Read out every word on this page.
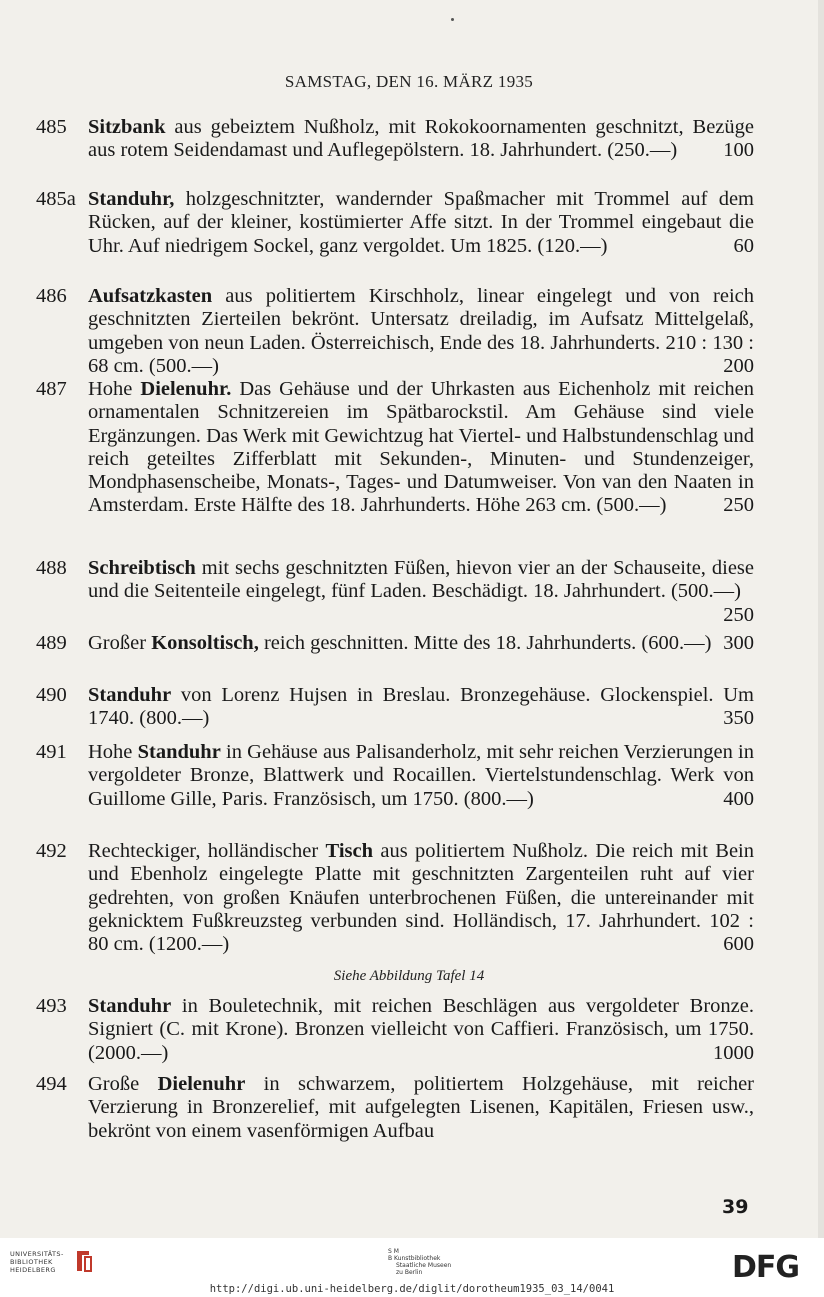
SAMSTAG, DEN 16. MÄRZ 1935
485 Sitzbank aus gebeiztem Nußholz, mit Rokokoornamenten geschnitzt, Bezüge aus rotem Seidendamast und Auflegepölstern. 18. Jahrhundert. (250.—) 100
485a Standuhr, holzgeschnitzter, wandernder Spaßmacher mit Trommel auf dem Rücken, auf der kleiner, kostümierter Affe sitzt. In der Trommel eingebaut die Uhr. Auf niedrigem Sockel, ganz vergoldet. Um 1825. (120.—)	60
486 Aufsatzkasten aus politiertem Kirschholz, linear eingelegt und von reich geschnitzten Zierteilen bekrönt. Untersatz dreiladig, im Aufsatz Mittelgelaß, umgeben von neun Laden. Österreichisch, Ende des 18. Jahrhunderts. 210 : 130 : 68 cm. (500.—)	200
487 Hohe Dielenuhr. Das Gehäuse und der Uhrkasten aus Eichenholz mit reichen ornamentalen Schnitzereien im Spätbarockstil. Am Gehäuse sind viele Ergänzungen. Das Werk mit Gewichtzug hat Viertel- und Halbstundenschlag und reich geteiltes Zifferblatt mit Sekunden-, Minuten- und Stundenzeiger, Mondphasenscheibe, Monats-, Tages- und Datumweiser. Von van den Naaten in Amsterdam. Erste Hälfte des 18. Jahrhunderts. Höhe 263 cm. (500.—)	250
488 Schreibtisch mit sechs geschnitzten Füßen, hievon vier an der Schauseite, diese und die Seitenteile eingelegt, fünf Laden. Beschädigt. 18. Jahrhundert. (500.—)
250
489 Großer Konsoltisch, reich geschnitten. Mitte des 18. Jahrhunderts. (600.—) 300
490 Standuhr von Lorenz Hujsen in Breslau. Bronzegehäuse. Glockenspiel. Um 1740. (800.—)	350
491 Hohe Standuhr in Gehäuse aus Palisanderholz, mit sehr reichen Verzierungen in vergoldeter Bronze, Blattwerk und Rocaillen. Viertelstundenschlag. Werk von Guillome Gille, Paris. Französisch, um 1750. (800.—)	400
492 Rechteckiger, holländischer Tisch aus politiertem Nußholz. Die reich mit Bein und Ebenholz eingelegte Platte mit geschnitzten Zargenteilen ruht auf vier gedrehten, von großen Knäufen unterbrochenen Füßen, die untereinander mit geknicktem Fußkreuzsteg verbunden sind. Holländisch, 17. Jahrhundert. 102 : 80 cm. (1200.—)	600
Siehe Abbildung Tafel 14
493 Standuhr in Bouletechnik, mit reichen Beschlägen aus vergoldeter Bronze. Signiert (C. mit Krone). Bronzen vielleicht von Caffieri. Französisch, um 1750. (2000.—)	1000
494 Große Dielenuhr in schwarzem, politiertem Holzgehäuse, mit reicher Verzierung in Bronzerelief, mit aufgelegten Lisenen, Kapitälen, Friesen usw., bekrönt von einem vasenförmigen Aufbau
39
UNIVERSITÄTS-
BIBLIOTHEK
HEIDELBERG
S M
B Kunstbibliothek
Staatliche Museen
zu Berlin	DFG
http://digi.ub.uni-heidelberg.de/diglit/dorotheum1935_03_14/0041
